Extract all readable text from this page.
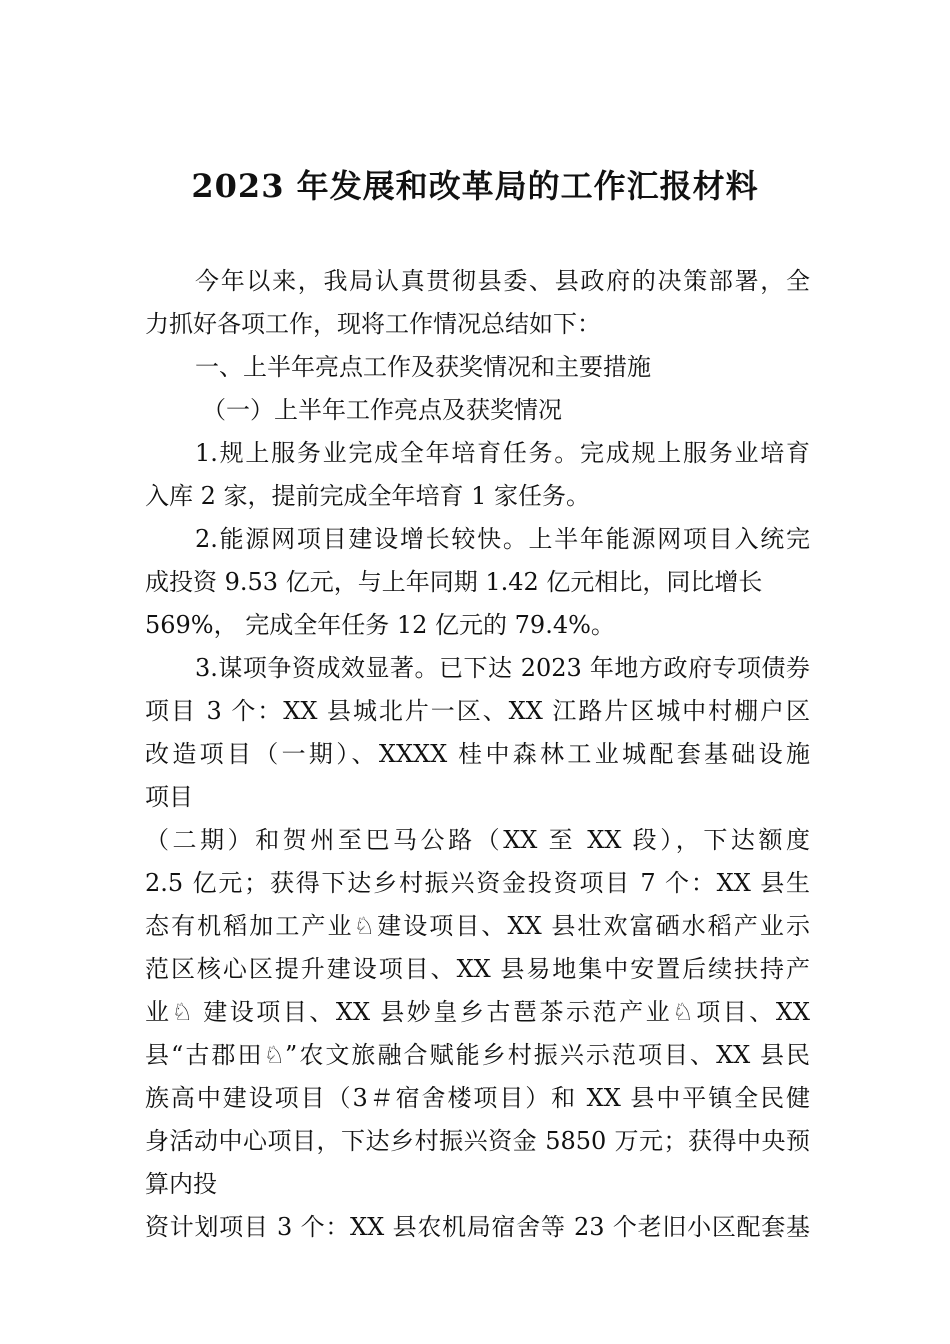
2023 年发展和改革局的工作汇报材料
今年以来，我局认真贯彻县委、县政府的决策部署，全
力抓好各项工作，现将工作情况总结如下：
一、上半年亮点工作及获奖情况和主要措施
（一）上半年工作亮点及获奖情况
1.规上服务业完成全年培育任务。完成规上服务业培育
入库 2 家，提前完成全年培育 1 家任务。
2.能源网项目建设增长较快。上半年能源网项目入统完
成投资 9.53 亿元，与上年同期 1.42 亿元相比，同比增长
569%， 完成全年任务 12 亿元的 79.4%。
3.谋项争资成效显著。已下达 2023 年地方政府专项债券
项目 3 个：XX 县城北片一区、XX 江路片区城中村棚户区
改造项目（一期）、XXXX 桂中森林工业城配套基础设施
项目
（二期）和贺州至巴马公路（XX 至 XX 段），下达额度
2.5 亿元；获得下达乡村振兴资金投资项目 7 个：XX 县生
态有机稻加工产业♘建设项目、XX 县壮欢富硒水稻产业示
范区核心区提升建设项目、XX 县易地集中安置后续扶持产
业♘ 建设项目、XX 县妙皇乡古琶茶示范产业♘项目、XX
县“古郡田♘”农文旅融合赋能乡村振兴示范项目、XX 县民
族高中建设项目（3＃宿舍楼项目）和 XX 县中平镇全民健
身活动中心项目，下达乡村振兴资金 5850 万元；获得中央预
算内投
资计划项目 3 个：XX 县农机局宿舍等 23 个老旧小区配套基
